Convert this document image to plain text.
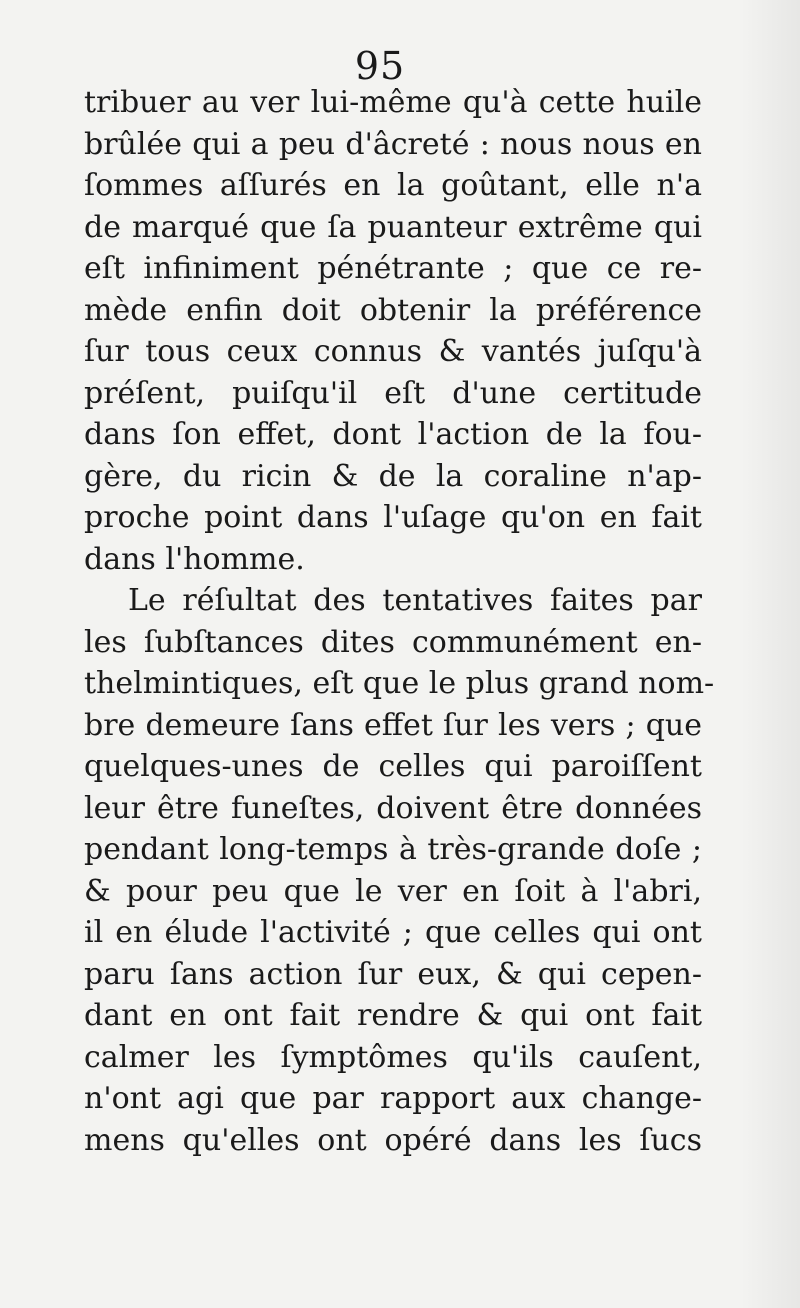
95
tribuer au ver lui-même qu'à cette huile
brûlée qui a peu d'âcreté : nous nous en
ſommes aſſurés en la goûtant, elle n'a
de marqué que ſa puanteur extrême qui
eſt infiniment pénétrante ; que ce re-
mède enfin doit obtenir la préférence
ſur tous ceux connus & vantés juſqu'à
préſent, puiſqu'il eſt d'une certitude
dans ſon effet, dont l'action de la fou-
gère, du ricin & de la coraline n'ap-
proche point dans l'uſage qu'on en fait
dans l'homme.
Le réſultat des tentatives faites par
les ſubſtances dites communément en-
thelmintiques, eſt que le plus grand nom-
bre demeure ſans effet ſur les vers ; que
quelques-unes de celles qui paroiſſent
leur être funeſtes, doivent être données
pendant long-temps à très-grande doſe ;
& pour peu que le ver en ſoit à l'abri,
il en élude l'activité ; que celles qui ont
paru ſans action ſur eux, & qui cepen-
dant en ont fait rendre & qui ont fait
calmer les ſymptômes qu'ils cauſent,
n'ont agi que par rapport aux change-
mens qu'elles ont opéré dans les ſucs
